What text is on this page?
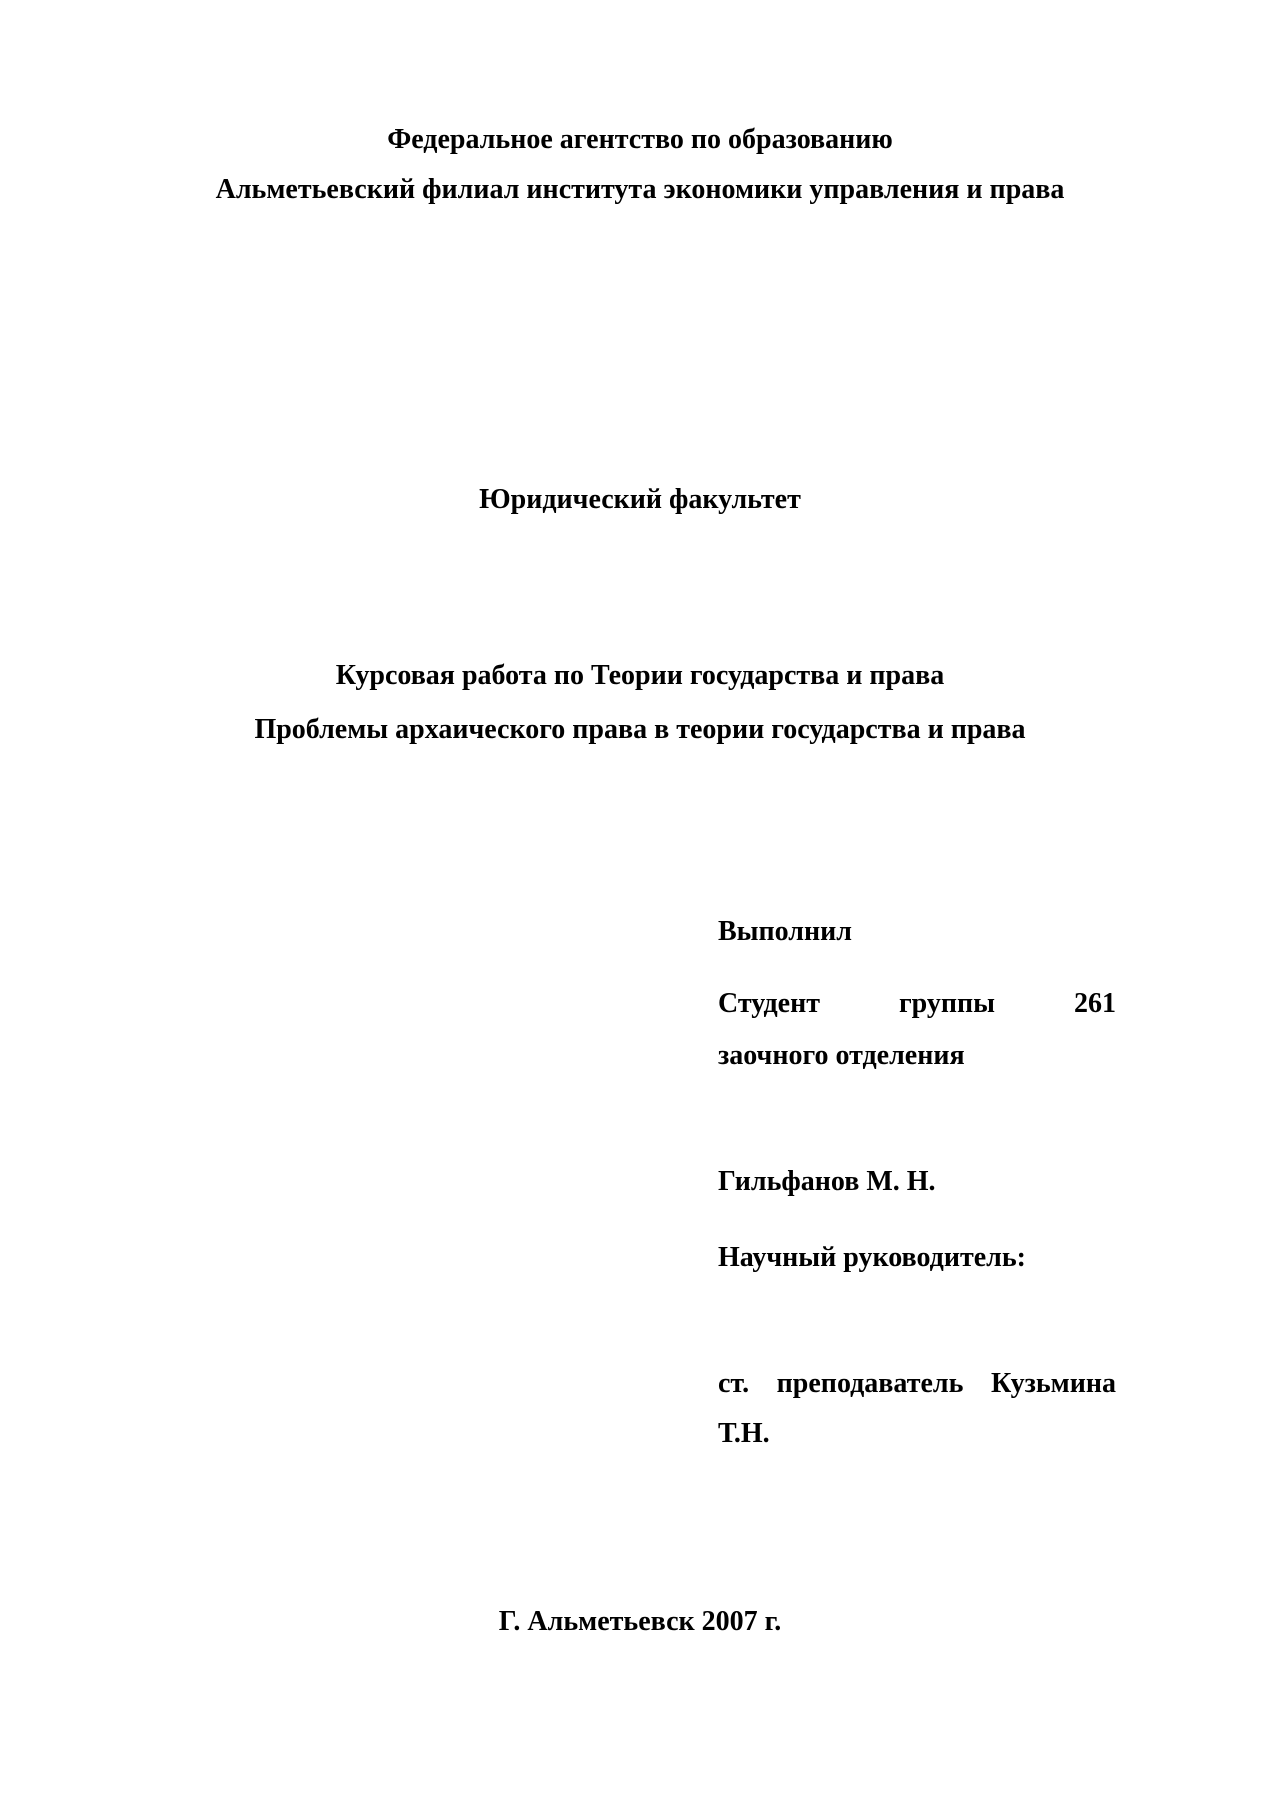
Федеральное агентство по образованию
Альметьевский филиал института экономики управления и права
Юридический факультет
Курсовая работа по Теории государства и права
Проблемы архаического права в теории государства и права
Выполнил
Студент	группы	261
заочного отделения
Гильфанов М. Н.
Научный руководитель:
ст. преподаватель Кузьмина
Т.Н.
Г. Альметьевск 2007 г.
